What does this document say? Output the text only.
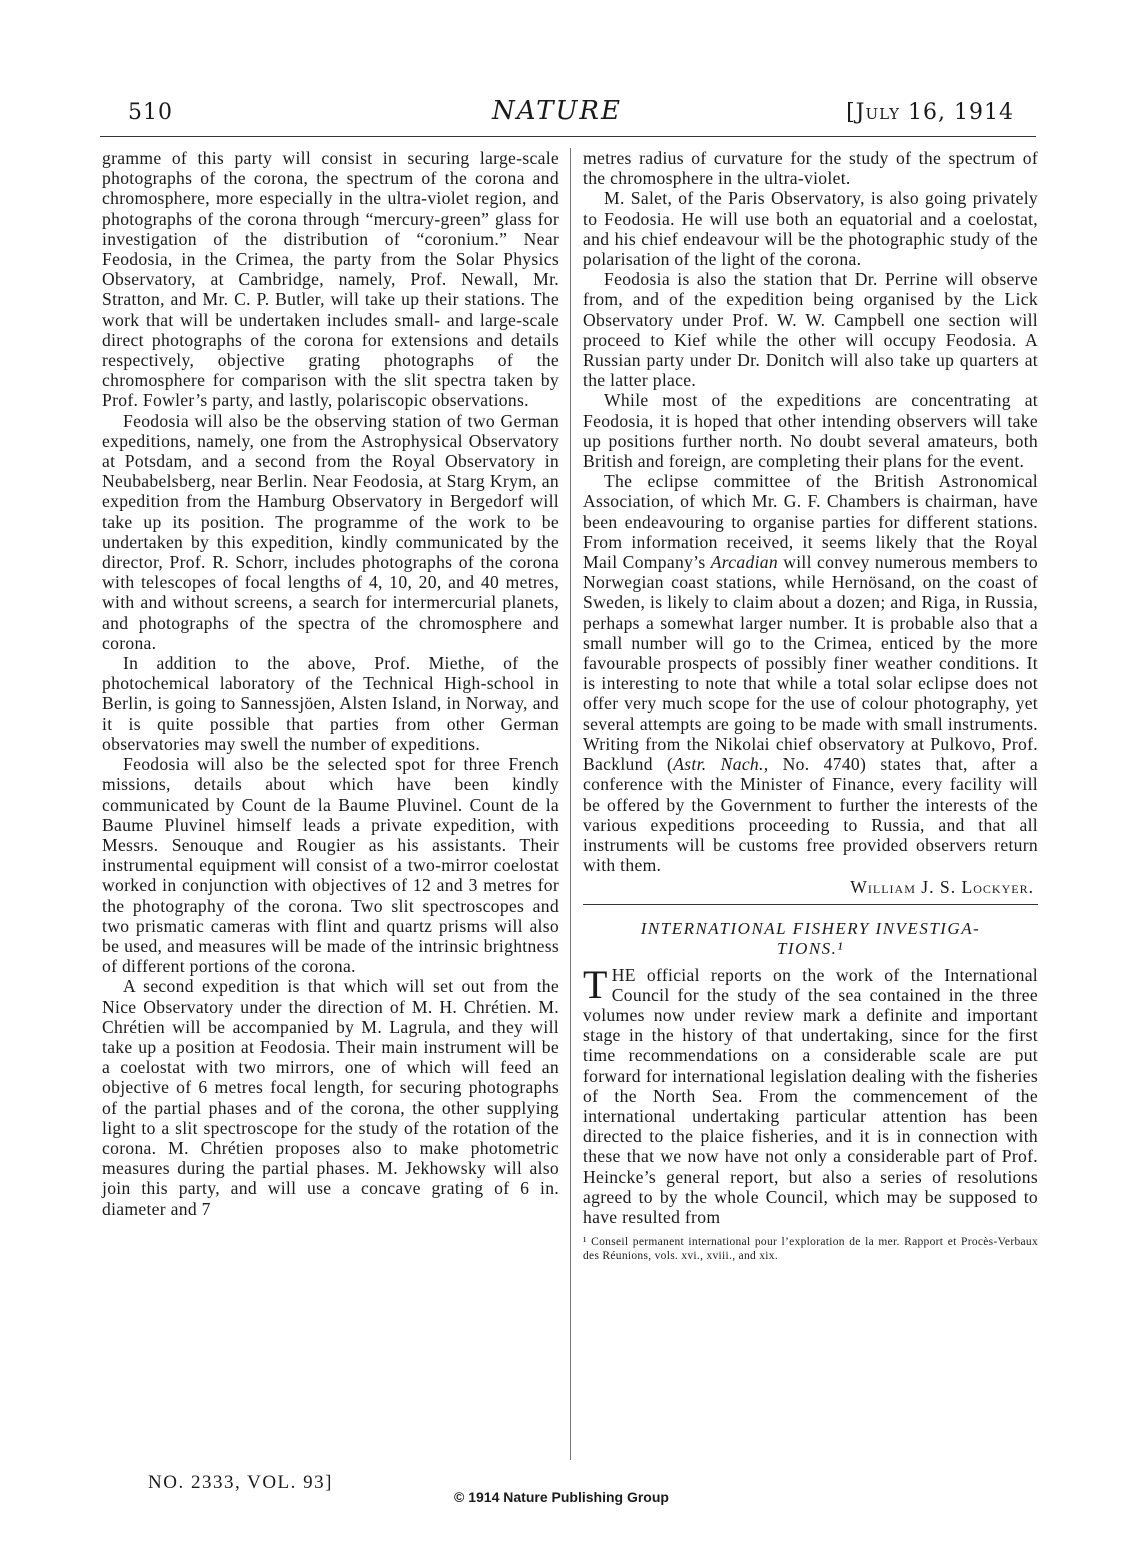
510	NATURE	[July 16, 1914

gramme of this party will consist in securing large-scale photographs of the corona, the spectrum of the corona and chromosphere, more especially in the ultra-violet region, and photographs of the corona through “mercury-green” glass for investigation of the distribution of “coronium.” Near Feodosia, in the Crimea, the party from the Solar Physics Observatory, at Cambridge, namely, Prof. Newall, Mr. Stratton, and Mr. C. P. Butler, will take up their stations. The work that will be undertaken includes small- and large-scale direct photographs of the corona for extensions and details respectively, objective grating photographs of the chromosphere for comparison with the slit spectra taken by Prof. Fowler’s party, and lastly, polariscopic observations.

Feodosia will also be the observing station of two German expeditions, namely, one from the Astrophysical Observatory at Potsdam, and a second from the Royal Observatory in Neubabelsberg, near Berlin. Near Feodosia, at Starg Krym, an expedition from the Hamburg Observatory in Bergedorf will take up its position. The programme of the work to be undertaken by this expedition, kindly communicated by the director, Prof. R. Schorr, includes photographs of the corona with telescopes of focal lengths of 4, 10, 20, and 40 metres, with and without screens, a search for intermercurial planets, and photographs of the spectra of the chromosphere and corona.

In addition to the above, Prof. Miethe, of the photochemical laboratory of the Technical High-school in Berlin, is going to Sannessjöen, Alsten Island, in Norway, and it is quite possible that parties from other German observatories may swell the number of expeditions.

Feodosia will also be the selected spot for three French missions, details about which have been kindly communicated by Count de la Baume Pluvinel. Count de la Baume Pluvinel himself leads a private expedition, with Messrs. Senouque and Rougier as his assistants. Their instrumental equipment will consist of a two-mirror coelostat worked in conjunction with objectives of 12 and 3 metres for the photography of the corona. Two slit spectroscopes and two prismatic cameras with flint and quartz prisms will also be used, and measures will be made of the intrinsic brightness of different portions of the corona.

A second expedition is that which will set out from the Nice Observatory under the direction of M. H. Chrétien. M. Chrétien will be accompanied by M. Lagrula, and they will take up a position at Feodosia. Their main instrument will be a coelostat with two mirrors, one of which will feed an objective of 6 metres focal length, for securing photographs of the partial phases and of the corona, the other supplying light to a slit spectroscope for the study of the rotation of the corona. M. Chrétien proposes also to make photometric measures during the partial phases. M. Jekhowsky will also join this party, and will use a concave grating of 6 in. diameter and 7

metres radius of curvature for the study of the spectrum of the chromosphere in the ultra-violet.

M. Salet, of the Paris Observatory, is also going privately to Feodosia. He will use both an equatorial and a coelostat, and his chief endeavour will be the photographic study of the polarisation of the light of the corona.

Feodosia is also the station that Dr. Perrine will observe from, and of the expedition being organised by the Lick Observatory under Prof. W. W. Campbell one section will proceed to Kief while the other will occupy Feodosia. A Russian party under Dr. Donitch will also take up quarters at the latter place.

While most of the expeditions are concentrating at Feodosia, it is hoped that other intending observers will take up positions further north. No doubt several amateurs, both British and foreign, are completing their plans for the event.

The eclipse committee of the British Astronomical Association, of which Mr. G. F. Chambers is chairman, have been endeavouring to organise parties for different stations. From information received, it seems likely that the Royal Mail Company’s Arcadian will convey numerous members to Norwegian coast stations, while Hernösand, on the coast of Sweden, is likely to claim about a dozen; and Riga, in Russia, perhaps a somewhat larger number. It is probable also that a small number will go to the Crimea, enticed by the more favourable prospects of possibly finer weather conditions. It is interesting to note that while a total solar eclipse does not offer very much scope for the use of colour photography, yet several attempts are going to be made with small instruments. Writing from the Nikolai chief observatory at Pulkovo, Prof. Backlund (Astr. Nach., No. 4740) states that, after a conference with the Minister of Finance, every facility will be offered by the Government to further the interests of the various expeditions proceeding to Russia, and that all instruments will be customs free provided observers return with them.

William J. S. Lockyer.
INTERNATIONAL FISHERY INVESTIGA-
TIONS.¹

THE official reports on the work of the International Council for the study of the sea contained in the three volumes now under review mark a definite and important stage in the history of that undertaking, since for the first time recommendations on a considerable scale are put forward for international legislation dealing with the fisheries of the North Sea. From the commencement of the international undertaking particular attention has been directed to the plaice fisheries, and it is in connection with these that we now have not only a considerable part of Prof. Heincke’s general report, but also a series of resolutions agreed to by the whole Council, which may be supposed to have resulted from

¹ Conseil permanent international pour l’exploration de la mer. Rapport et Procès-Verbaux des Réunions, vols. xvi., xviii., and xix.
NO. 2333, VOL. 93]
© 1914 Nature Publishing Group
